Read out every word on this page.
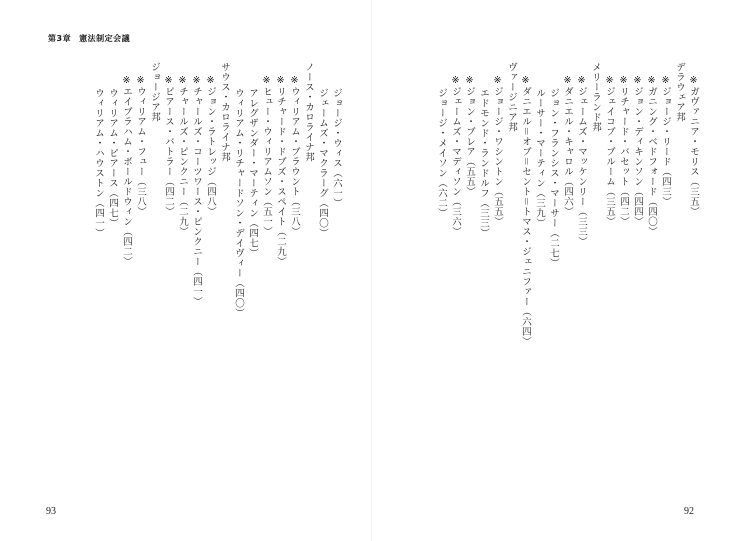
第3章 憲法制定会議
※ガヴァニア・モリス（三五）
デラウェア邦
※ジョージ・リード（四三）
※ガニング・ベドフォード（四〇）
※ジョン・ディキンソン（四四）
※リチャード・バセット（四二）
※ジェイコブ・ブルーム（三五）
メリーランド邦
※ジェームズ・マッケンリー（三三）
※ダニエル・キャロル（四六）
ジョン・フランシス・マーサー（二七）
ルーサー・マーティン（三九）
※ダニエル＝オブ＝セント＝トマス・ジェニファー（六四）
ヴァージニア邦
※ジョージ・ワシントン（五五）
エドモンド・ランドルフ（三三）
※ジョン・ブレア（五五）
※ジェームズ・マディソン（三六）
ジョージ・メイソン（六二）
ジョージ・ウィス（六一）
ジェームズ・マクラーグ（四〇）
ノース・カロライナ邦
※ウィリアム・ブラウント（三八）
※リチャード・ドブズ・スペイト（二九）
※ヒュー・ウィリアムソン（五一）
アレグザンダー・マーティン（四七）
ウィリアム・リチャードソン・デイヴィー（四〇）
サウス・カロライナ邦
※ジョン・ラトレッジ（四八）
※チャールズ・コーツワース・ピンクニー（四一）
※チャールズ・ピンクニー（二九）
※ピアース・バトラー（四二）
ジョージア邦
※ウィリアム・フュー（三八）
※エイブラハム・ボールドウィン（四二）
ウィリアム・ピアース（四七）
ウィリアム・ハウストン（四一）
93	92
